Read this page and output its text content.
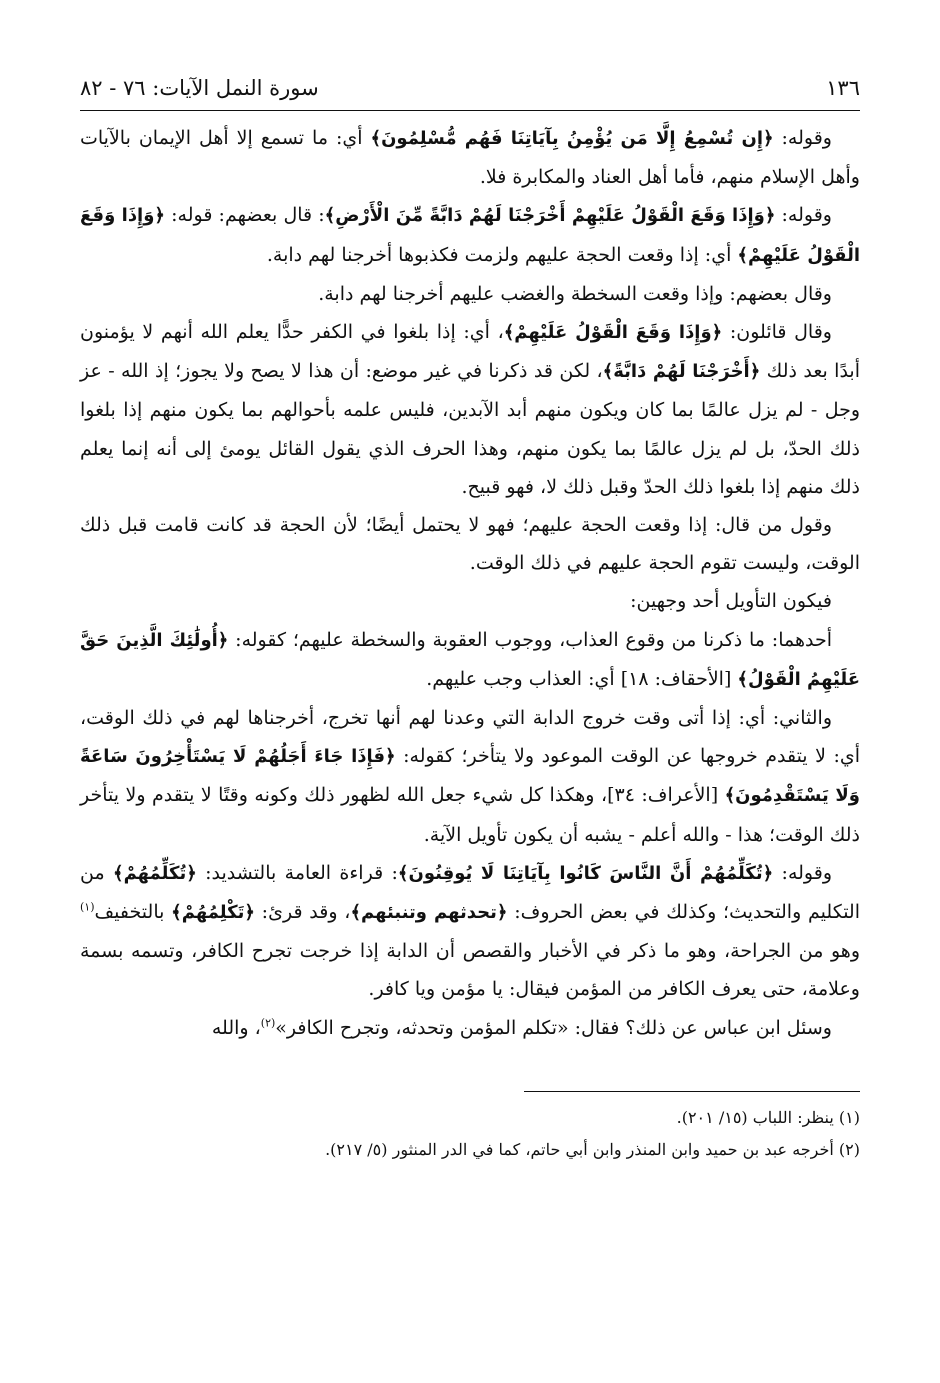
١٣٦
سورة النمل الآيات: ٧٦ - ٨٢

وقوله: ﴿إِن تُسْمِعُ إِلَّا مَن يُؤْمِنُ بِآيَاتِنَا فَهُم مُّسْلِمُونَ﴾ أي: ما تسمع إلا أهل الإيمان بالآيات وأهل الإسلام منهم، فأما أهل العناد والمكابرة فلا.

وقوله: ﴿وَإِذَا وَقَعَ الْقَوْلُ عَلَيْهِمْ أَخْرَجْنَا لَهُمْ دَابَّةً مِّنَ الْأَرْضِ﴾: قال بعضهم: قوله: ﴿وَإِذَا وَقَعَ الْقَوْلُ عَلَيْهِمْ﴾ أي: إذا وقعت الحجة عليهم ولزمت فكذبوها أخرجنا لهم دابة.

وقال بعضهم: وإذا وقعت السخطة والغضب عليهم أخرجنا لهم دابة.

وقال قائلون: ﴿وَإِذَا وَقَعَ الْقَوْلُ عَلَيْهِمْ﴾، أي: إذا بلغوا في الكفر حدًّا يعلم الله أنهم لا يؤمنون أبدًا بعد ذلك ﴿أَخْرَجْنَا لَهُمْ دَابَّةً﴾، لكن قد ذكرنا في غير موضع: أن هذا لا يصح ولا يجوز؛ إذ الله - عز وجل - لم يزل عالمًا بما كان ويكون منهم أبد الآبدين، فليس علمه بأحوالهم بما يكون منهم إذا بلغوا ذلك الحدّ، بل لم يزل عالمًا بما يكون منهم، وهذا الحرف الذي يقول القائل يومئ إلى أنه إنما يعلم ذلك منهم إذا بلغوا ذلك الحدّ وقبل ذلك لا، فهو قبيح.

وقول من قال: إذا وقعت الحجة عليهم؛ فهو لا يحتمل أيضًا؛ لأن الحجة قد كانت قامت قبل ذلك الوقت، وليست تقوم الحجة عليهم في ذلك الوقت.

فيكون التأويل أحد وجهين:

أحدهما: ما ذكرنا من وقوع العذاب، ووجوب العقوبة والسخطة عليهم؛ كقوله: ﴿أُولَٰئِكَ الَّذِينَ حَقَّ عَلَيْهِمُ الْقَوْلُ﴾ [الأحقاف: ١٨] أي: العذاب وجب عليهم.

والثاني: أي: إذا أتى وقت خروج الدابة التي وعدنا لهم أنها تخرج، أخرجناها لهم في ذلك الوقت، أي: لا يتقدم خروجها عن الوقت الموعود ولا يتأخر؛ كقوله: ﴿فَإِذَا جَاءَ أَجَلُهُمْ لَا يَسْتَأْخِرُونَ سَاعَةً وَلَا يَسْتَقْدِمُونَ﴾ [الأعراف: ٣٤]، وهكذا كل شيء جعل الله لظهور ذلك وكونه وقتًا لا يتقدم ولا يتأخر ذلك الوقت؛ هذا - والله أعلم - يشبه أن يكون تأويل الآية.

وقوله: ﴿تُكَلِّمُهُمْ أَنَّ النَّاسَ كَانُوا بِآيَاتِنَا لَا يُوقِنُونَ﴾: قراءة العامة بالتشديد: ﴿تُكَلِّمُهُمْ﴾ من التكليم والتحديث؛ وكذلك في بعض الحروف: ﴿تحدثهم وتنبئهم﴾، وقد قرئ: ﴿تَكْلِمُهُمْ﴾ بالتخفيف$^{(١)}$ وهو من الجراحة، وهو ما ذكر في الأخبار والقصص أن الدابة إذا خرجت تجرح الكافر، وتسمه بسمة وعلامة، حتى يعرف الكافر من المؤمن فيقال: يا مؤمن ويا كافر.

وسئل ابن عباس عن ذلك؟ فقال: «تكلم المؤمن وتحدثه، وتجرح الكافر»$^{(٢)}$، والله

(١) ينظر: اللباب (١٥/ ٢٠١).

(٢) أخرجه عبد بن حميد وابن المنذر وابن أبي حاتم، كما في الدر المنثور (٥/ ٢١٧).
